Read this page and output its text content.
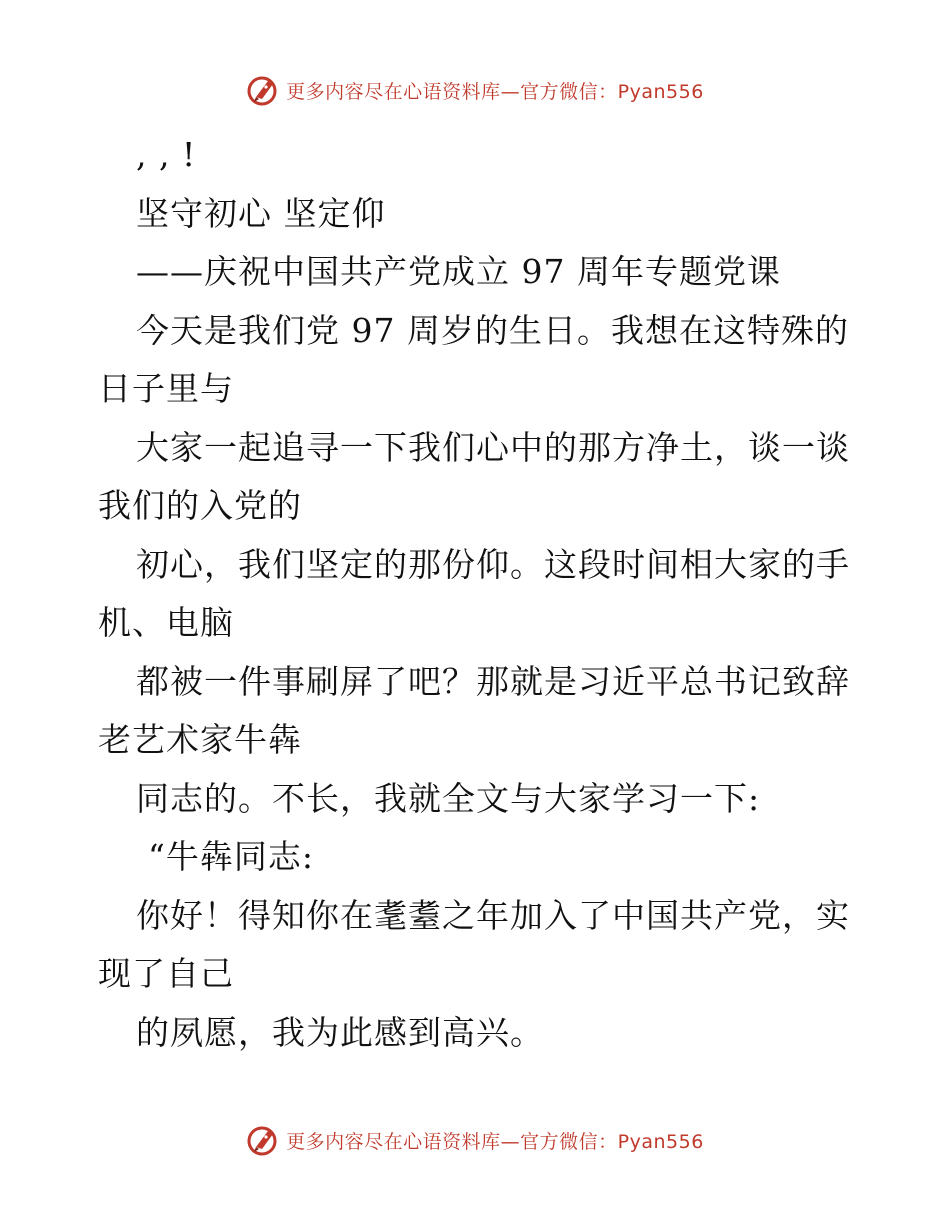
更多内容尽在心语资料库—官方微信：Pyan556
, , !
坚守初心 坚定仰
——庆祝中国共产党成立 97 周年专题党课
今天是我们党 97 周岁的生日。我想在这特殊的
日子里与
大家一起追寻一下我们心中的那方净土，谈一谈
我们的入党的
初心，我们坚定的那份仰。这段时间相大家的手
机、电脑
都被一件事刷屏了吧？那就是习近平总书记致辞
老艺术家牛犇
同志的。不长，我就全文与大家学习一下:
“牛犇同志:
你好！得知你在耄耋之年加入了中国共产党，实
现了自己
的夙愿，我为此感到高兴。
更多内容尽在心语资料库—官方微信：Pyan556
